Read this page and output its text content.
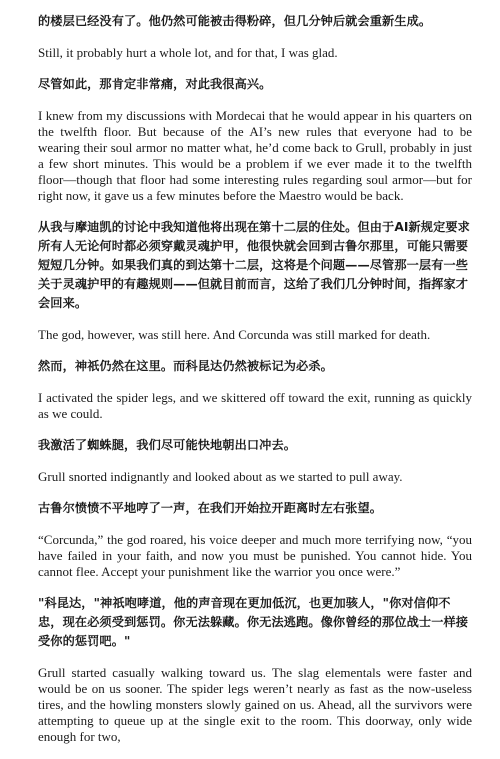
的楼层已经没有了。他仍然可能被击得粉碎，但几分钟后就会重新生成。

Still, it probably hurt a whole lot, and for that, I was glad.

尽管如此，那肯定非常痛，对此我很高兴。

I knew from my discussions with Mordecai that he would appear in his quarters on the twelfth floor. But because of the AI’s new rules that everyone had to be wearing their soul armor no matter what, he’d come back to Grull, probably in just a few short minutes. This would be a problem if we ever made it to the twelfth floor—though that floor had some interesting rules regarding soul armor—but for right now, it gave us a few minutes before the Maestro would be back.

从我与摩迪凯的讨论中我知道他将出现在第十二层的住处。但由于AI新规定要求所有人无论何时都必须穿戴灵魂护甲，他很快就会回到古鲁尔那里，可能只需要短短几分钟。如果我们真的到达第十二层，这将是个问题——尽管那一层有一些关于灵魂护甲的有趣规则——但就目前而言，这给了我们几分钟时间，指挥家才会回来。

The god, however, was still here. And Corcunda was still marked for death.

然而，神祇仍然在这里。而科昆达仍然被标记为必杀。

I activated the spider legs, and we skittered off toward the exit, running as quickly as we could.

我激活了蜘蛛腿，我们尽可能快地朝出口冲去。

Grull snorted indignantly and looked about as we started to pull away.

古鲁尔愤愤不平地哼了一声，在我们开始拉开距离时左右张望。

“Corcunda,” the god roared, his voice deeper and much more terrifying now, “you have failed in your faith, and now you must be punished. You cannot hide. You cannot flee. Accept your punishment like the warrior you once were.”

"科昆达，"神祇咆哮道，他的声音现在更加低沉，也更加骇人，"你对信仰不忠，现在必须受到惩罚。你无法躲藏。你无法逃跑。像你曾经的那位战士一样接受你的惩罚吧。"

Grull started casually walking toward us. The slag elementals were faster and would be on us sooner. The spider legs weren’t nearly as fast as the now-useless tires, and the howling monsters slowly gained on us. Ahead, all the survivors were attempting to queue up at the single exit to the room. This doorway, only wide enough for two,
